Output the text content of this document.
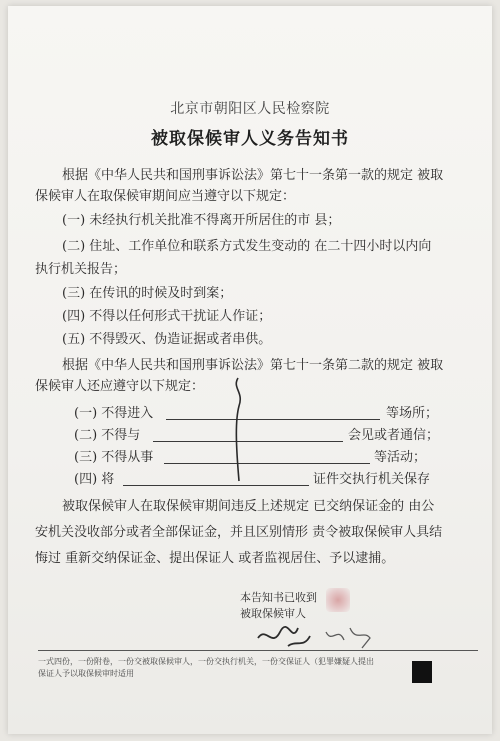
北京市朝阳区人民检察院
被取保候审人义务告知书
根据《中华人民共和国刑事诉讼法》第七十一条第一款的规定 被取
保候审人在取保候审期间应当遵守以下规定：
(一) 未经执行机关批准不得离开所居住的市 县；
(二) 住址、工作单位和联系方式发生变动的 在二十四小时以内向
执行机关报告；
(三) 在传讯的时候及时到案；
(四) 不得以任何形式干扰证人作证；
(五) 不得毁灭、伪造证据或者串供。
根据《中华人民共和国刑事诉讼法》第七十一条第二款的规定 被取
保候审人还应遵守以下规定：
(一) 不得进入	等场所；
(二) 不得与	会见或者通信；
(三) 不得从事	等活动；
(四) 将	证件交执行机关保存
被取保候审人在取保候审期间违反上述规定 已交纳保证金的 由公
安机关没收部分或者全部保证金，并且区别情形 责令被取保候审人具结
悔过 重新交纳保证金、提出保证人 或者监视居住、予以逮捕。
本告知书已收到
被取保候审人
一式四份，一份附卷，一份交被取保候审人，一份交执行机关，一份交保证人（犯罪嫌疑人提出
保证人予以取保候审时适用
